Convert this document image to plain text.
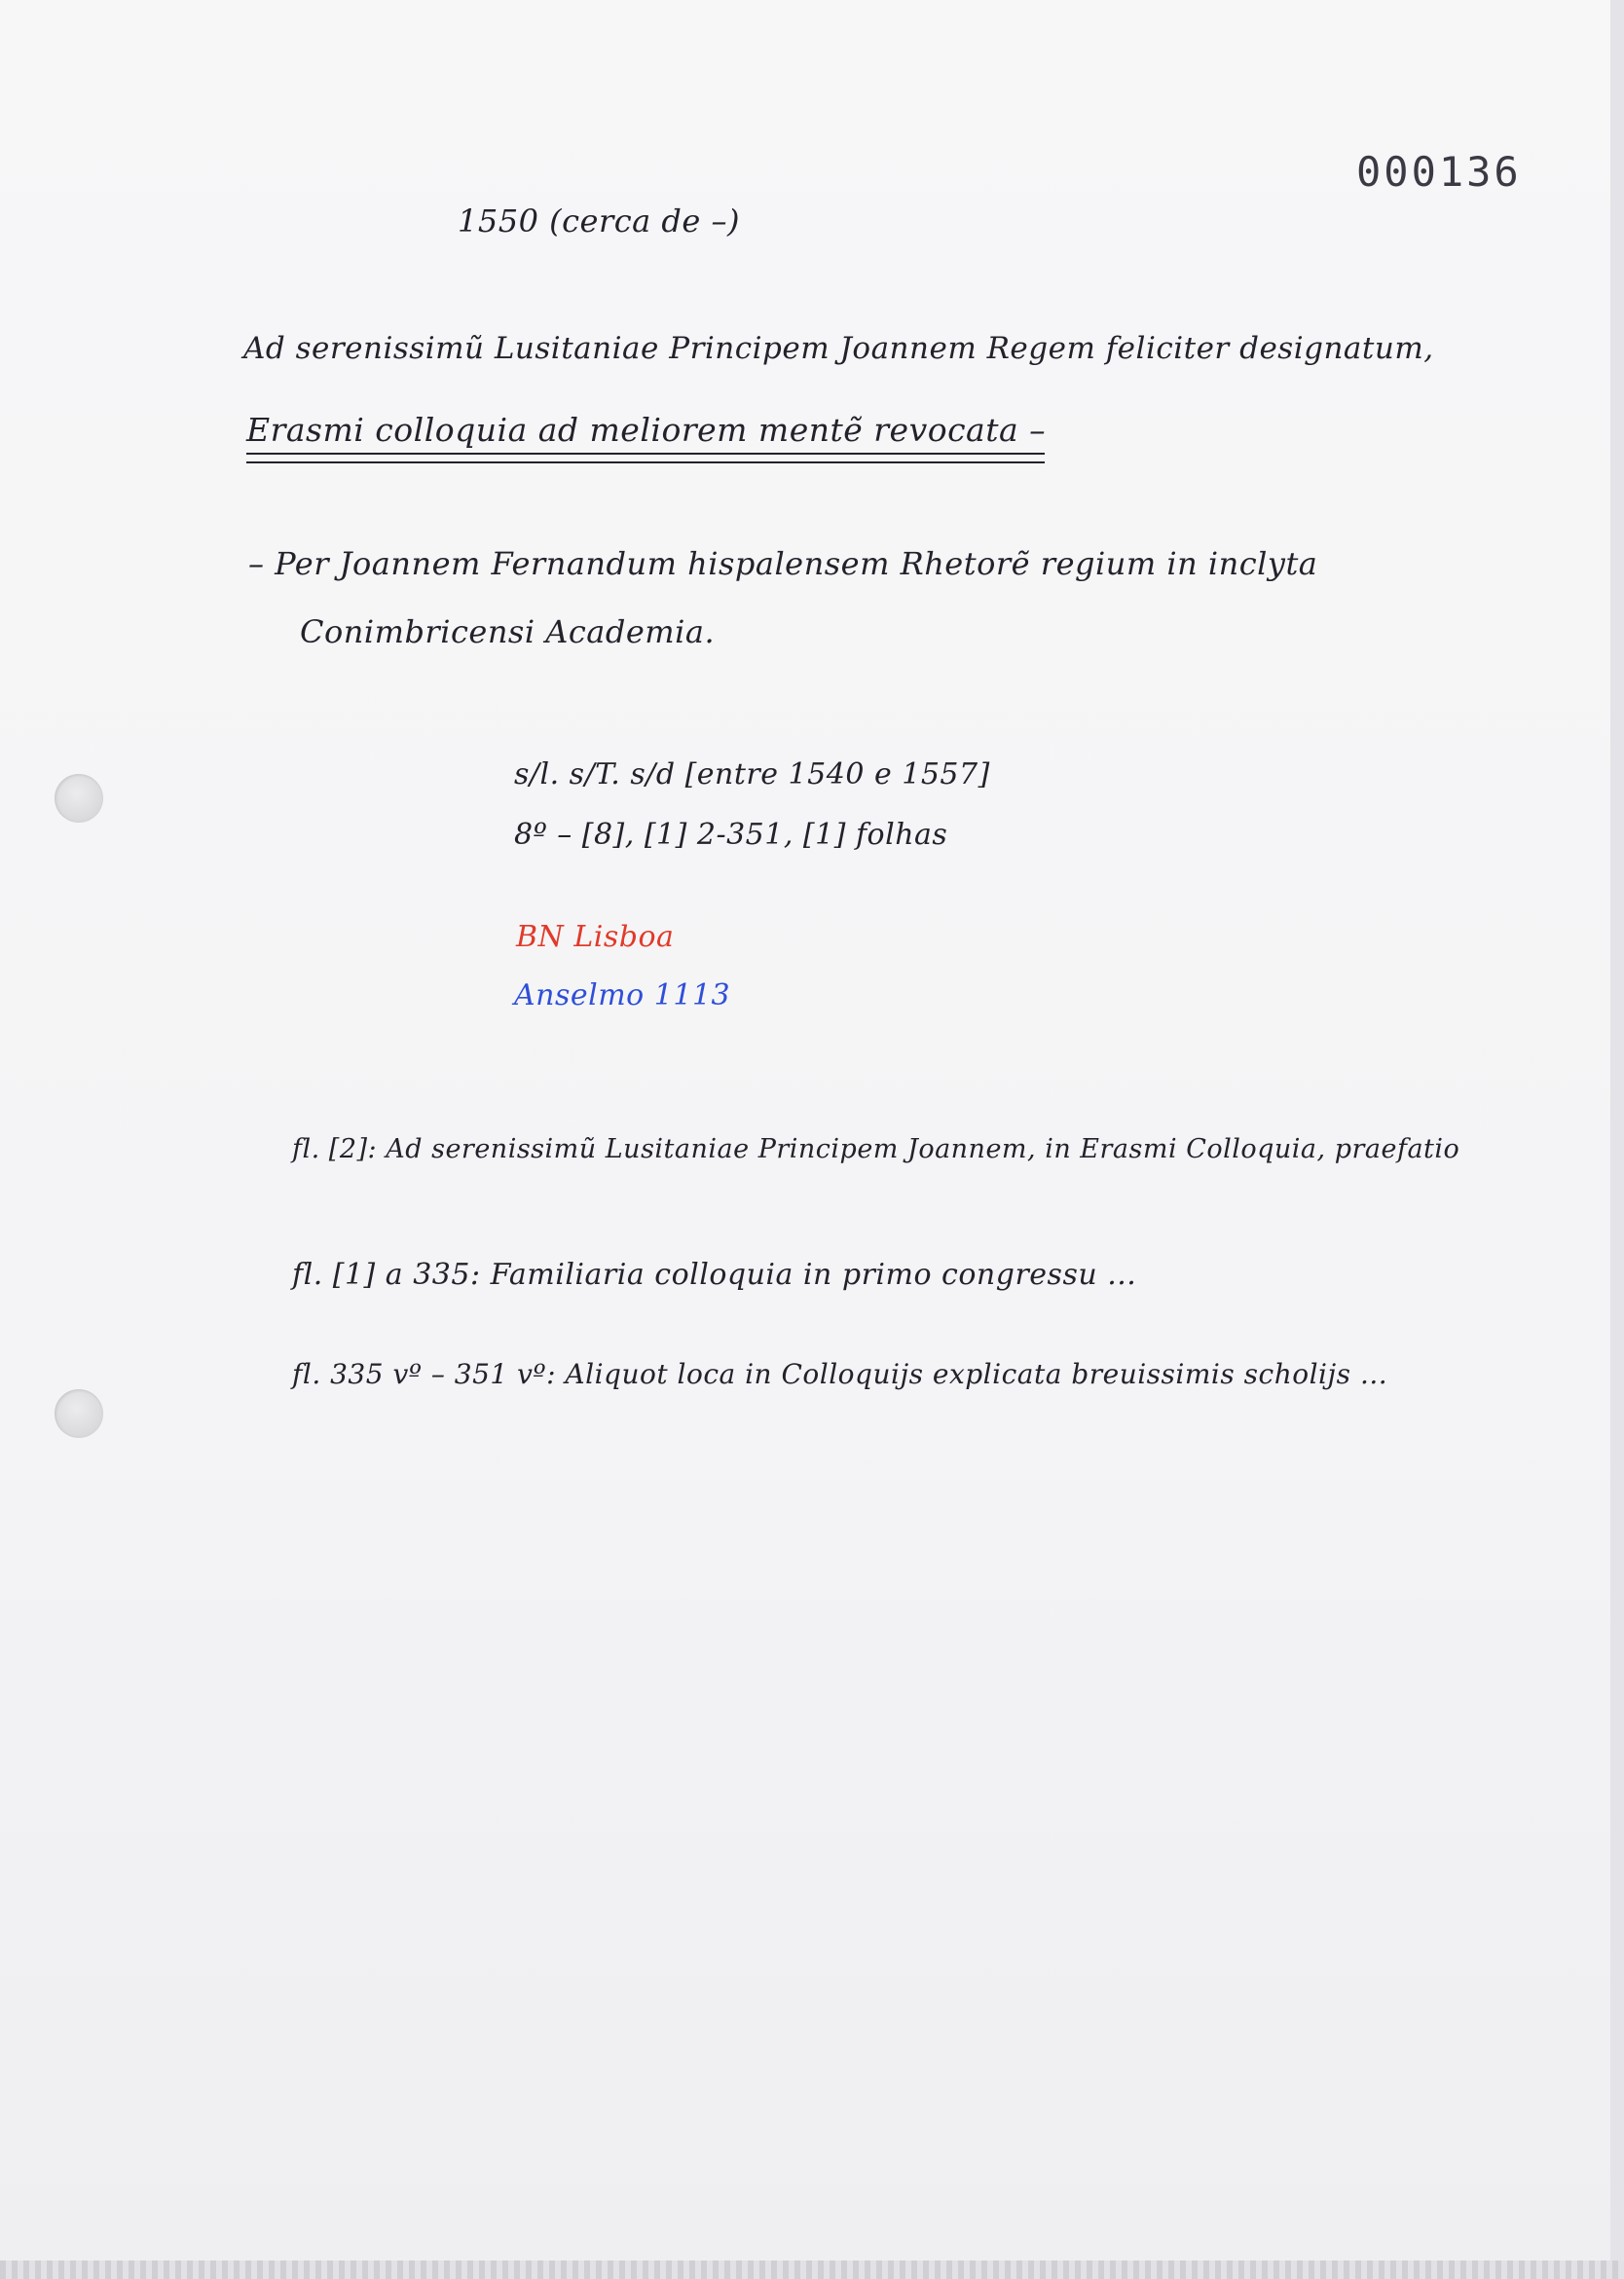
000136
1550 (cerca de –)
Ad serenissimũ Lusitaniae Principem Joannem Regem feliciter designatum,
Erasmi colloquia ad meliorem mentẽ revocata –
– Per Joannem Fernandum hispalensem Rhetorẽ regium in inclyta
Conimbricensi Academia.
s/l. s/T. s/d [entre 1540 e 1557]
8º – [8], [1] 2-351, [1] folhas
BN Lisboa
Anselmo 1113
fl. [2]: Ad serenissimũ Lusitaniae Principem Joannem, in Erasmi Colloquia, praefatio
fl. [1] a 335: Familiaria colloquia in primo congressu ...
fl. 335 vº – 351 vº: Aliquot loca in Colloquijs explicata breuissimis scholijs ...
